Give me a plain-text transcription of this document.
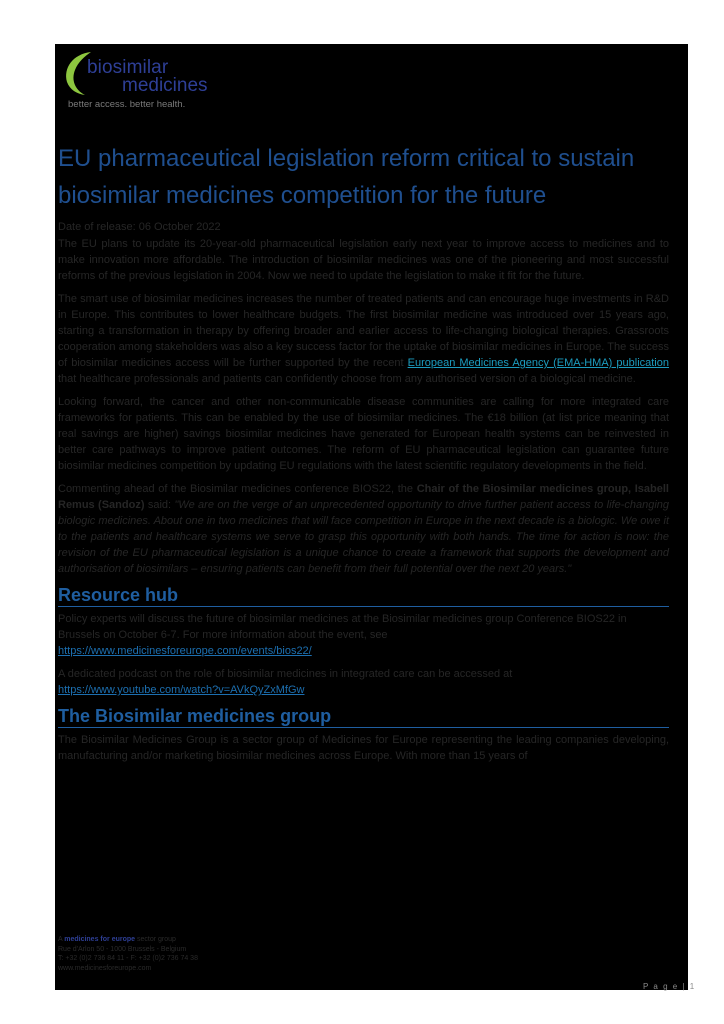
biosimilar
medicines
better access. better health.
EU pharmaceutical legislation reform critical to sustain biosimilar medicines competition for the future

Date of release: 06 October 2022

The EU plans to update its 20-year-old pharmaceutical legislation early next year to improve access to medicines and to make innovation more affordable. The introduction of biosimilar medicines was one of the pioneering and most successful reforms of the previous legislation in 2004. Now we need to update the legislation to make it fit for the future.

The smart use of biosimilar medicines increases the number of treated patients and can encourage huge investments in R&D in Europe. This contributes to lower healthcare budgets. The first biosimilar medicine was introduced over 15 years ago, starting a transformation in therapy by offering broader and earlier access to life-changing biological therapies. Grassroots cooperation among stakeholders was also a key success factor for the uptake of biosimilar medicines in Europe. The success of biosimilar medicines access will be further supported by the recent European Medicines Agency (EMA-HMA) publication that healthcare professionals and patients can confidently choose from any authorised version of a biological medicine.

Looking forward, the cancer and other non-communicable disease communities are calling for more integrated care frameworks for patients. This can be enabled by the use of biosimilar medicines. The €18 billion (at list price meaning that real savings are higher) savings biosimilar medicines have generated for European health systems can be reinvested in better care pathways to improve patient outcomes. The reform of EU pharmaceutical legislation can guarantee future biosimilar medicines competition by updating EU regulations with the latest scientific regulatory developments in the field.

Commenting ahead of the Biosimilar medicines conference BIOS22, the Chair of the Biosimilar medicines group, Isabell Remus (Sandoz) said: "We are on the verge of an unprecedented opportunity to drive further patient access to life-changing biologic medicines. About one in two medicines that will face competition in Europe in the next decade is a biologic. We owe it to the patients and healthcare systems we serve to grasp this opportunity with both hands. The time for action is now: the revision of the EU pharmaceutical legislation is a unique chance to create a framework that supports the development and authorisation of biosimilars – ensuring patients can benefit from their full potential over the next 20 years."

Resource hub

Policy experts will discuss the future of biosimilar medicines at the Biosimilar medicines group Conference BIOS22 in Brussels on October 6-7. For more information about the event, see
https://www.medicinesforeurope.com/events/bios22/

A dedicated podcast on the role of biosimilar medicines in integrated care can be accessed at
https://www.youtube.com/watch?v=AVkQyZxMfGw

The Biosimilar medicines group

The Biosimilar Medicines Group is a sector group of Medicines for Europe representing the leading companies developing, manufacturing and/or marketing biosimilar medicines across Europe. With more than 15 years of

A medicines for europe sector group
Rue d'Arlon 50 - 1000 Brussels - Belgium
T: +32 (0)2 736 84 11 - F: +32 (0)2 736 74 38
www.medicinesforeurope.com
P a g e | 1
